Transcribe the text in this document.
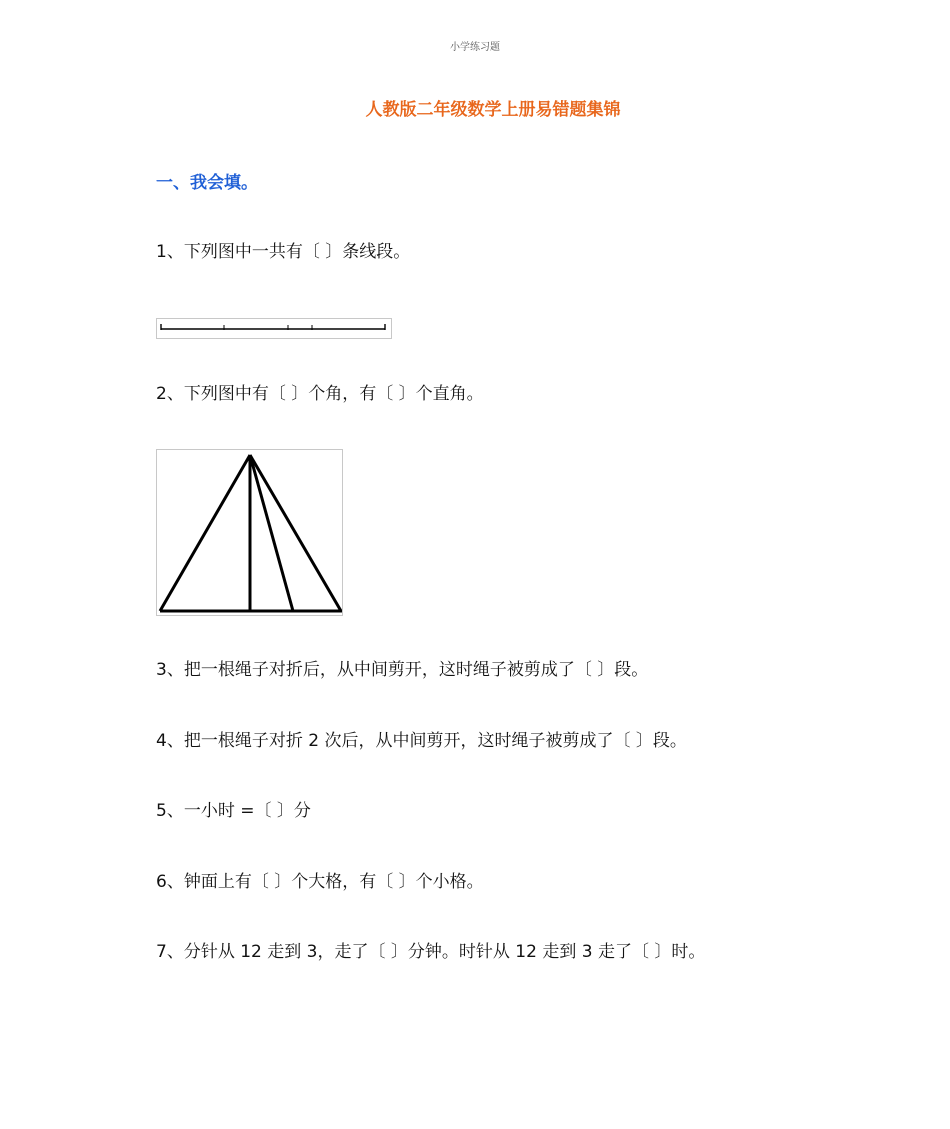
小学练习题
人教版二年级数学上册易错题集锦
一、我会填。
1、下列图中一共有〔 〕条线段。
2、下列图中有〔 〕个角，有〔 〕个直角。
3、把一根绳子对折后，从中间剪开，这时绳子被剪成了〔 〕段。
4、把一根绳子对折 2 次后，从中间剪开，这时绳子被剪成了〔 〕段。
5、一小时 =〔 〕分
6、钟面上有〔 〕个大格，有〔 〕个小格。
7、分针从 12 走到 3，走了〔 〕分钟。时针从 12 走到 3 走了〔 〕时。
